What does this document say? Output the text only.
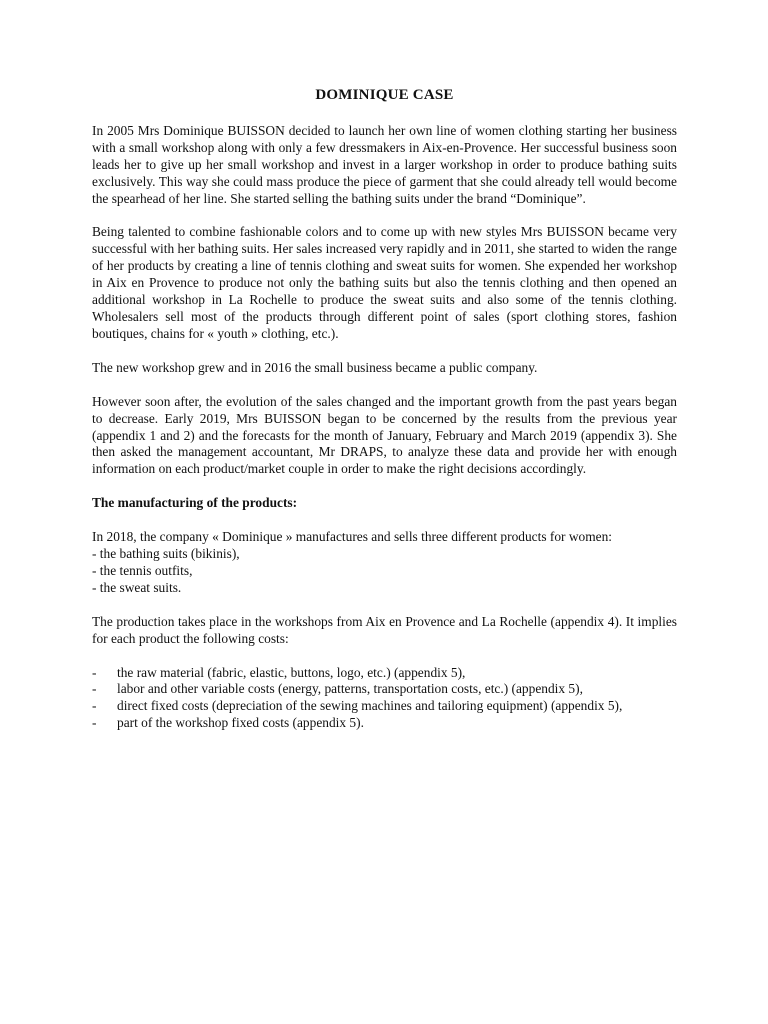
DOMINIQUE CASE

In 2005 Mrs Dominique BUISSON decided to launch her own line of women clothing starting her business with a small workshop along with only a few dressmakers in Aix-en-Provence. Her successful business soon leads her to give up her small workshop and invest in a larger workshop in order to produce bathing suits exclusively. This way she could mass produce the piece of garment that she could already tell would become the spearhead of her line. She started selling the bathing suits under the brand “Dominique”.

Being talented to combine fashionable colors and to come up with new styles Mrs BUISSON became very successful with her bathing suits. Her sales increased very rapidly and in 2011, she started to widen the range of her products by creating a line of tennis clothing and sweat suits for women. She expended her workshop in Aix en Provence to produce not only the bathing suits but also the tennis clothing and then opened an additional workshop in La Rochelle to produce the sweat suits and also some of the tennis clothing. Wholesalers sell most of the products through different point of sales (sport clothing stores, fashion boutiques, chains for « youth » clothing, etc.).

The new workshop grew and in 2016 the small business became a public company.

However soon after, the evolution of the sales changed and the important growth from the past years began to decrease. Early 2019, Mrs BUISSON began to be concerned by the results from the previous year (appendix 1 and 2) and the forecasts for the month of January, February and March 2019 (appendix 3). She then asked the management accountant, Mr DRAPS, to analyze these data and provide her with enough information on each product/market couple in order to make the right decisions accordingly.

The manufacturing of the products:

In 2018, the company « Dominique » manufactures and sells three different products for women:
- the bathing suits (bikinis),
- the tennis outfits,
- the sweat suits.

The production takes place in the workshops from Aix en Provence and La Rochelle (appendix 4). It implies for each product the following costs:

- the raw material (fabric, elastic, buttons, logo, etc.) (appendix 5),
- labor and other variable costs (energy, patterns, transportation costs, etc.) (appendix 5),
- direct fixed costs (depreciation of the sewing machines and tailoring equipment) (appendix 5),
- part of the workshop fixed costs (appendix 5).
